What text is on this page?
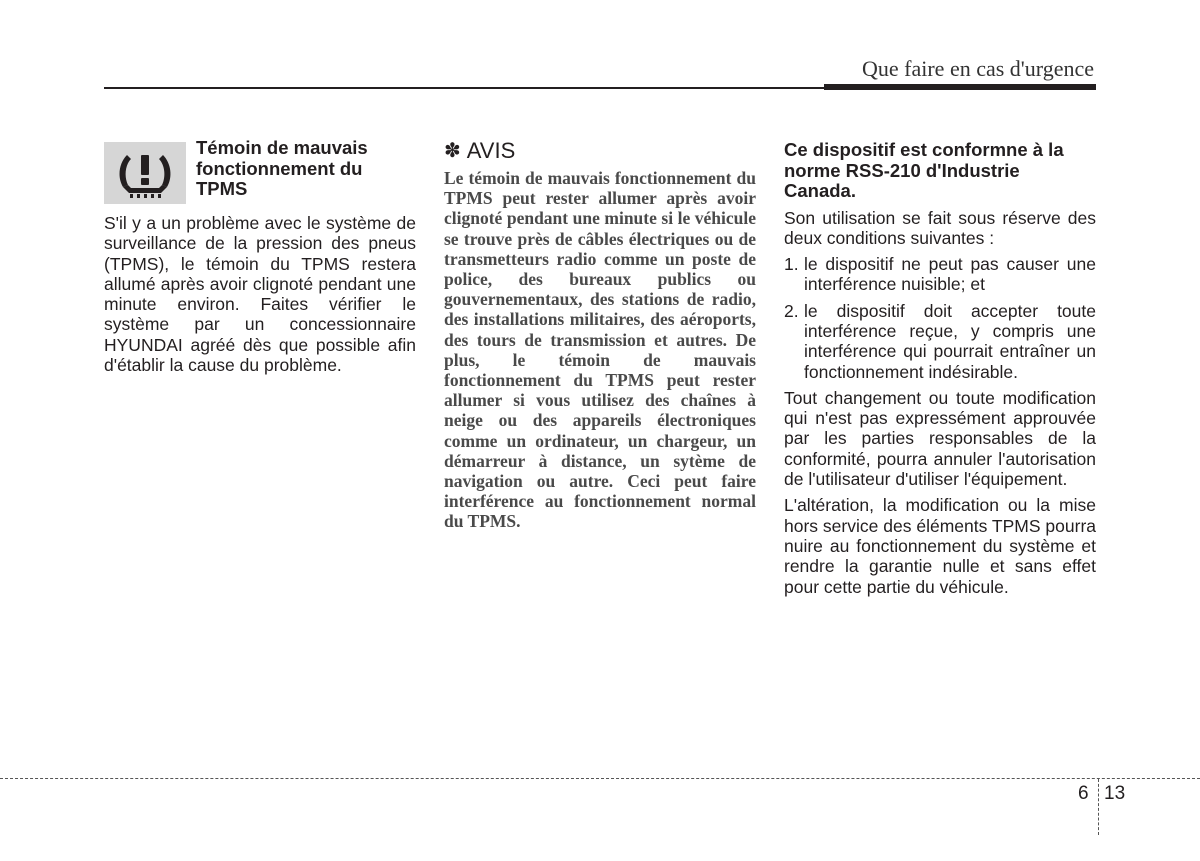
Que faire en cas d'urgence
Témoin de mauvais
fonctionnement du
TPMS

S'il y a un problème avec le système de surveillance de la pression des pneus (TPMS), le témoin du TPMS restera allumé après avoir clignoté pendant une minute environ. Faites vérifier le système par un concessionnaire HYUNDAI agréé dès que possible afin d'établir la cause du problème.

✽ AVIS

Le témoin de mauvais fonctionnement du TPMS peut rester allumer après avoir clignoté pendant une minute si le véhicule se trouve près de câbles électriques ou de transmetteurs radio comme un poste de police, des bureaux publics ou gouvernementaux, des stations de radio, des installations militaires, des aéroports, des tours de transmission et autres. De plus, le témoin de mauvais fonctionnement du TPMS peut rester allumer si vous utilisez des chaînes à neige ou des appareils électroniques comme un ordinateur, un chargeur, un démarreur à distance, un sytème de navigation ou autre. Ceci peut faire interférence au fonctionnement normal du TPMS.

Ce dispositif est conformne à la norme RSS-210 d'Industrie Canada.

Son utilisation se fait sous réserve des deux conditions suivantes :

1. le dispositif ne peut pas causer une interférence nuisible; et
2. le dispositif doit accepter toute interférence reçue, y compris une interférence qui pourrait entraîner un fonctionnement indésirable.

Tout changement ou toute modification qui n'est pas expressément approuvée par les parties responsables de la conformité, pourra annuler l'autorisation de l'utilisateur d'utiliser l'équipement.

L'altération, la modification ou la mise hors service des éléments TPMS pourra nuire au fonctionnement du système et rendre la garantie nulle et sans effet pour cette partie du véhicule.

6 13
